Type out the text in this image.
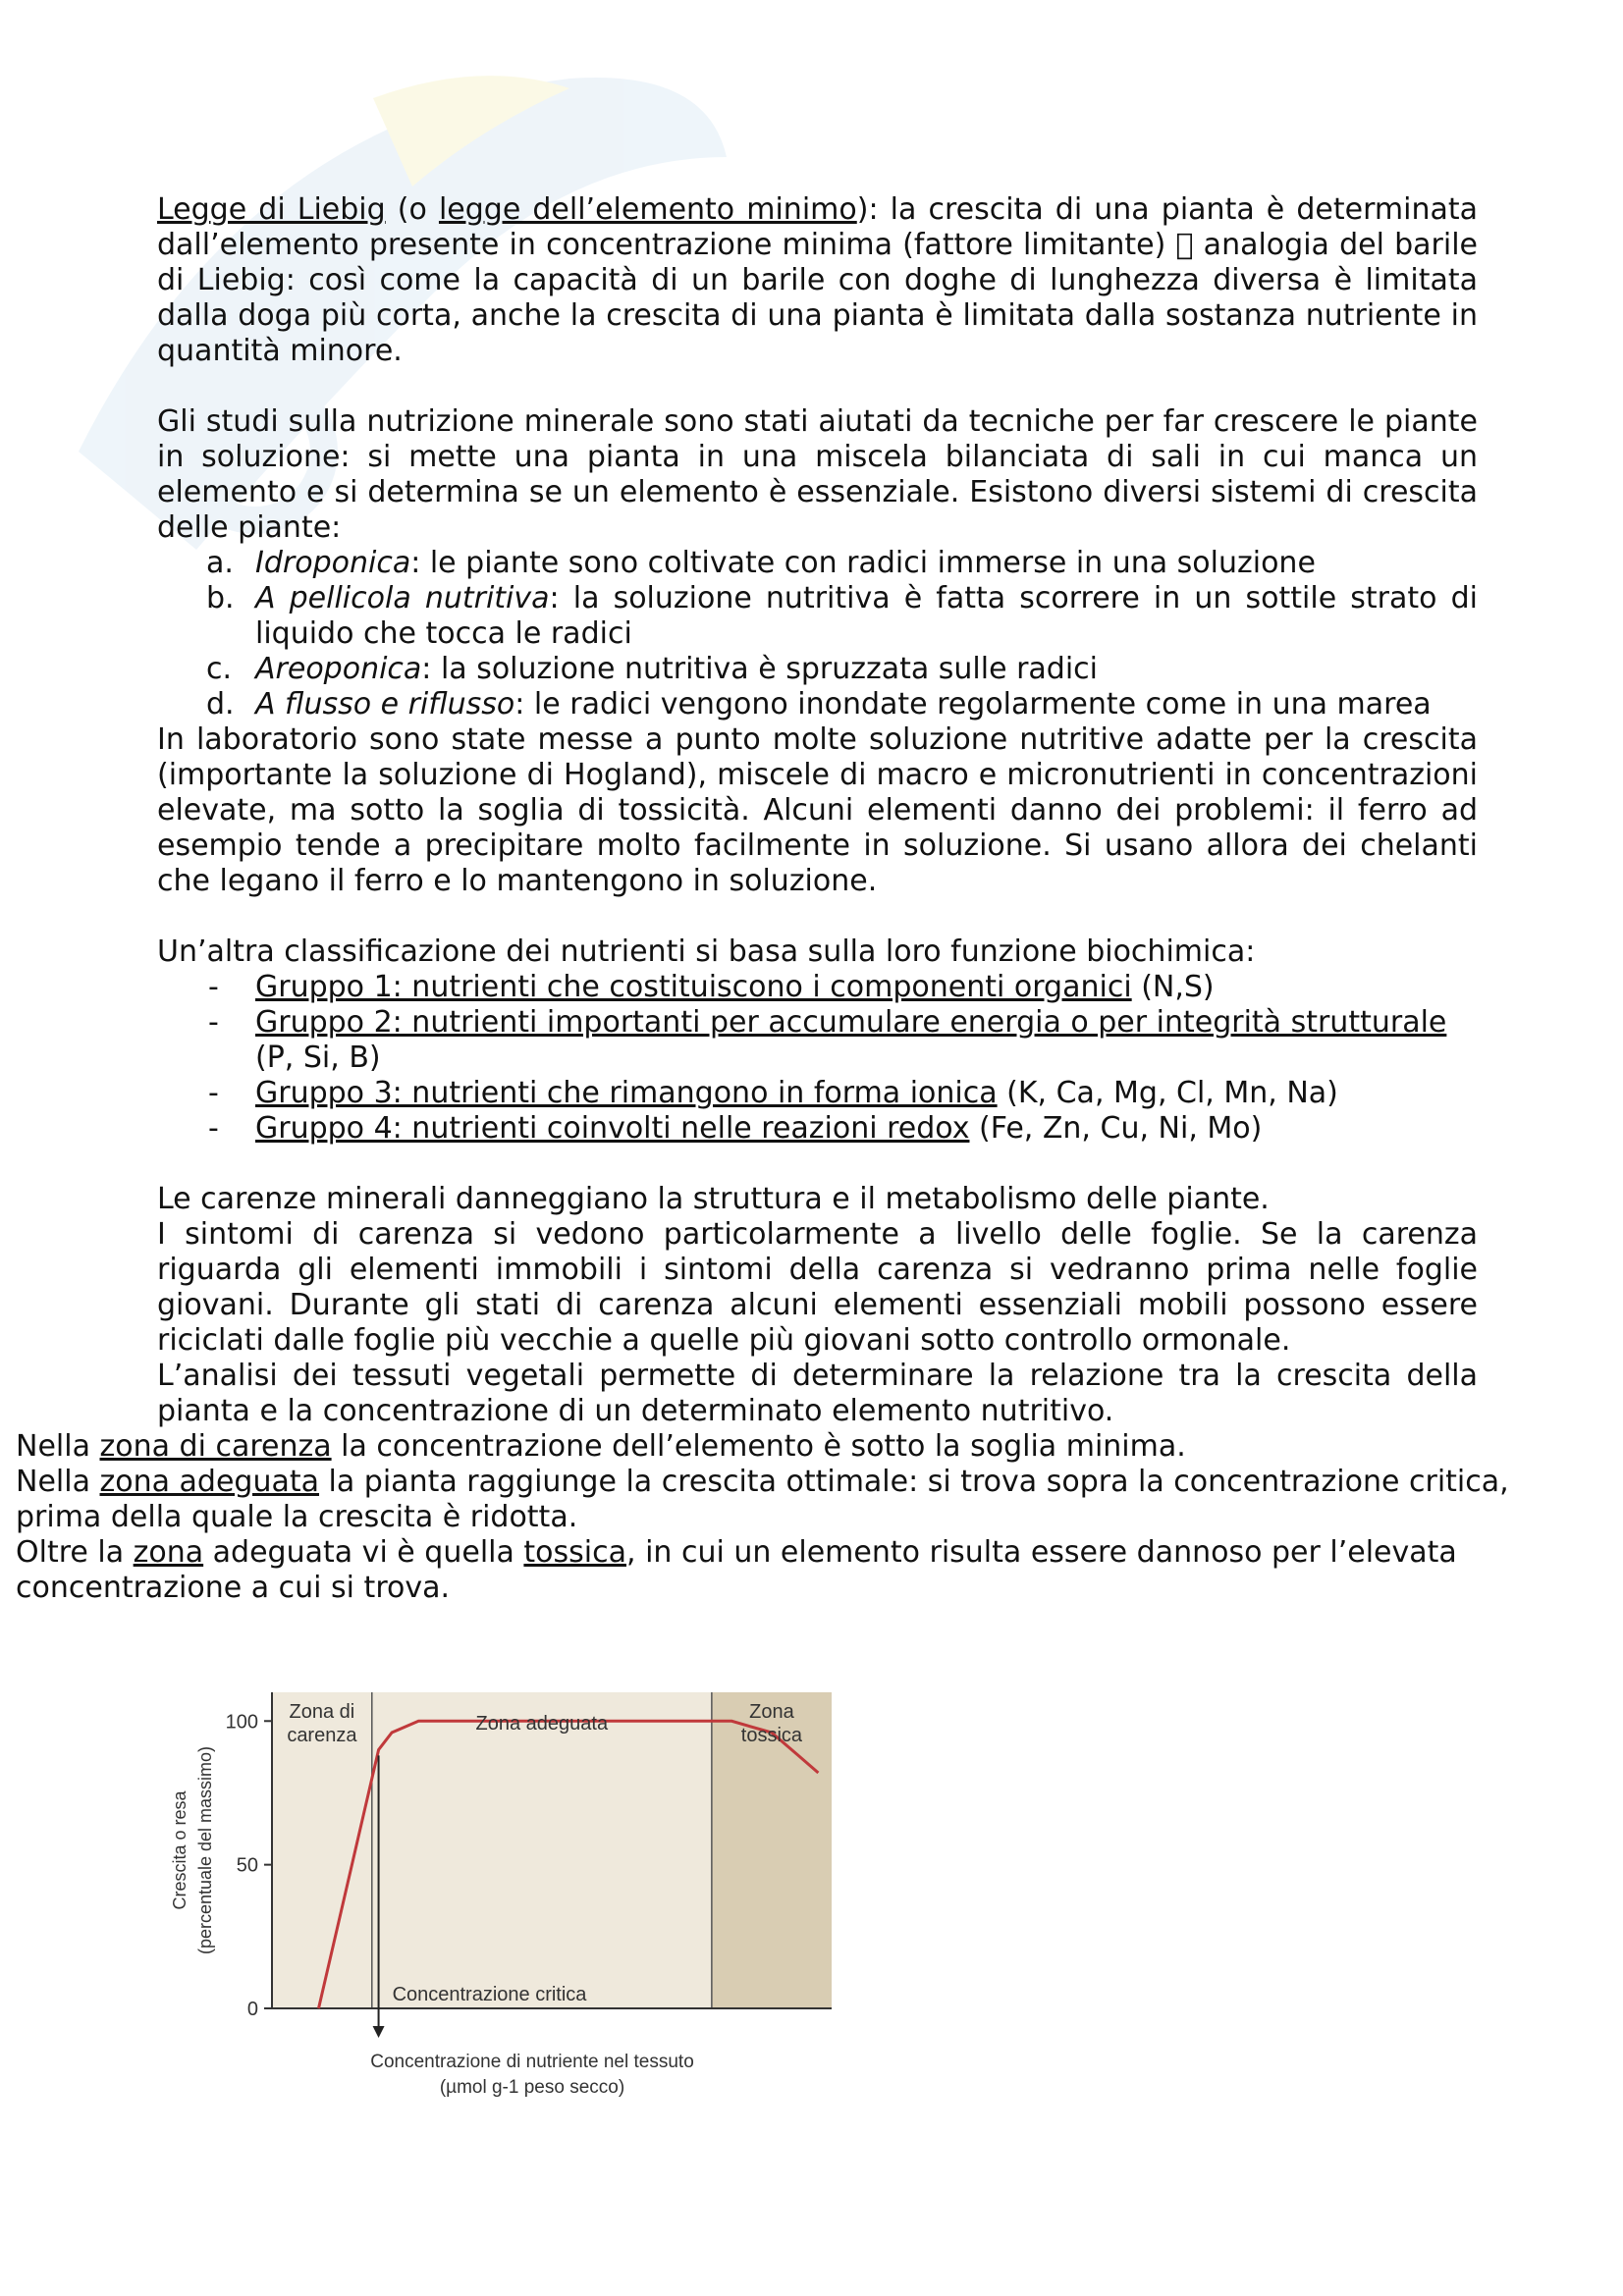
Legge di Liebig (o legge dell’elemento minimo): la crescita di una pianta è determinata dall’elemento presente in concentrazione minima (fattore limitante) analogia del barile di Liebig: così come la capacità di un barile con doghe di lunghezza diversa è limitata dalla doga più corta, anche la crescita di una pianta è limitata dalla sostanza nutriente in quantità minore.

Gli studi sulla nutrizione minerale sono stati aiutati da tecniche per far crescere le piante in soluzione: si mette una pianta in una miscela bilanciata di sali in cui manca un elemento e si determina se un elemento è essenziale. Esistono diversi sistemi di crescita delle piante:

a. Idroponica: le piante sono coltivate con radici immerse in una soluzione
b. A pellicola nutritiva: la soluzione nutritiva è fatta scorrere in un sottile strato di liquido che tocca le radici
c. Areoponica: la soluzione nutritiva è spruzzata sulle radici
d. A flusso e riflusso: le radici vengono inondate regolarmente come in una marea

In laboratorio sono state messe a punto molte soluzione nutritive adatte per la crescita (importante la soluzione di Hogland), miscele di macro e micronutrienti in concentrazioni elevate, ma sotto la soglia di tossicità. Alcuni elementi danno dei problemi: il ferro ad esempio tende a precipitare molto facilmente in soluzione. Si usano allora dei chelanti che legano il ferro e lo mantengono in soluzione.

Un’altra classificazione dei nutrienti si basa sulla loro funzione biochimica:

- Gruppo 1: nutrienti che costituiscono i componenti organici (N,S)
- Gruppo 2: nutrienti importanti per accumulare energia o per integrità strutturale (P, Si, B)
- Gruppo 3: nutrienti che rimangono in forma ionica (K, Ca, Mg, Cl, Mn, Na)
- Gruppo 4: nutrienti coinvolti nelle reazioni redox (Fe, Zn, Cu, Ni, Mo)

Le carenze minerali danneggiano la struttura e il metabolismo delle piante.

I sintomi di carenza si vedono particolarmente a livello delle foglie. Se la carenza riguarda gli elementi immobili i sintomi della carenza si vedranno prima nelle foglie giovani. Durante gli stati di carenza alcuni elementi essenziali mobili possono essere riciclati dalle foglie più vecchie a quelle più giovani sotto controllo ormonale.

L’analisi dei tessuti vegetali permette di determinare la relazione tra la crescita della pianta e la concentrazione di un determinato elemento nutritivo.

Nella zona di carenza la concentrazione dell’elemento è sotto la soglia minima.

Nella zona adeguata la pianta raggiunge la crescita ottimale: si trova sopra la concentrazione critica, prima della quale la crescita è ridotta.

Oltre la zona adeguata vi è quella tossica, in cui un elemento risulta essere dannoso per l’elevata concentrazione a cui si trova.

0
50
100 Zona di
carenza
Zona adeguata
Zona
tossica
Concentrazione critica
Crescita o resa (percentuale del massimo)
Concentrazione di nutriente nel tessuto
(µmol g-1 peso secco)
